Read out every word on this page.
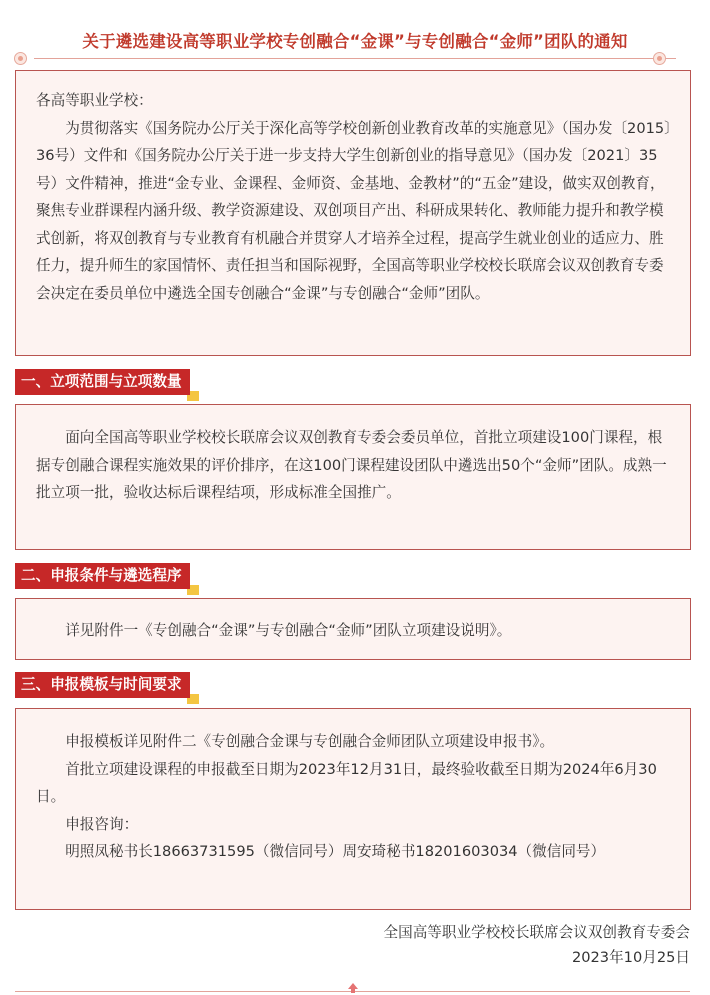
关于遴选建设高等职业学校专创融合“金课”与专创融合“金师”团队的通知

各高等职业学校：

为贯彻落实《国务院办公厅关于深化高等学校创新创业教育改革的实施意见》（国办发〔2015〕36号）文件和《国务院办公厅关于进一步支持大学生创新创业的指导意见》（国办发〔2021〕35号）文件精神，推进“金专业、金课程、金师资、金基地、金教材”的“五金”建设，做实双创教育，聚焦专业群课程内涵升级、教学资源建设、双创项目产出、科研成果转化、教师能力提升和教学模式创新，将双创教育与专业教育有机融合并贯穿人才培养全过程，提高学生就业创业的适应力、胜任力，提升师生的家国情怀、责任担当和国际视野，全国高等职业学校校长联席会议双创教育专委会决定在委员单位中遴选全国专创融合“金课”与专创融合“金师”团队。

一、立项范围与立项数量

面向全国高等职业学校校长联席会议双创教育专委会委员单位，首批立项建设100门课程，根据专创融合课程实施效果的评价排序，在这100门课程建设团队中遴选出50个“金师”团队。成熟一批立项一批，验收达标后课程结项，形成标准全国推广。

二、申报条件与遴选程序

详见附件一《专创融合“金课”与专创融合“金师”团队立项建设说明》。

三、申报模板与时间要求

申报模板详见附件二《专创融合金课与专创融合金师团队立项建设申报书》。

首批立项建设课程的申报截至日期为2023年12月31日，最终验收截至日期为2024年6月30日。

申报咨询：

明照凤秘书长18663731595（微信同号）周安琦秘书18201603034（微信同号）

全国高等职业学校校长联席会议双创教育专委会
2023年10月25日
